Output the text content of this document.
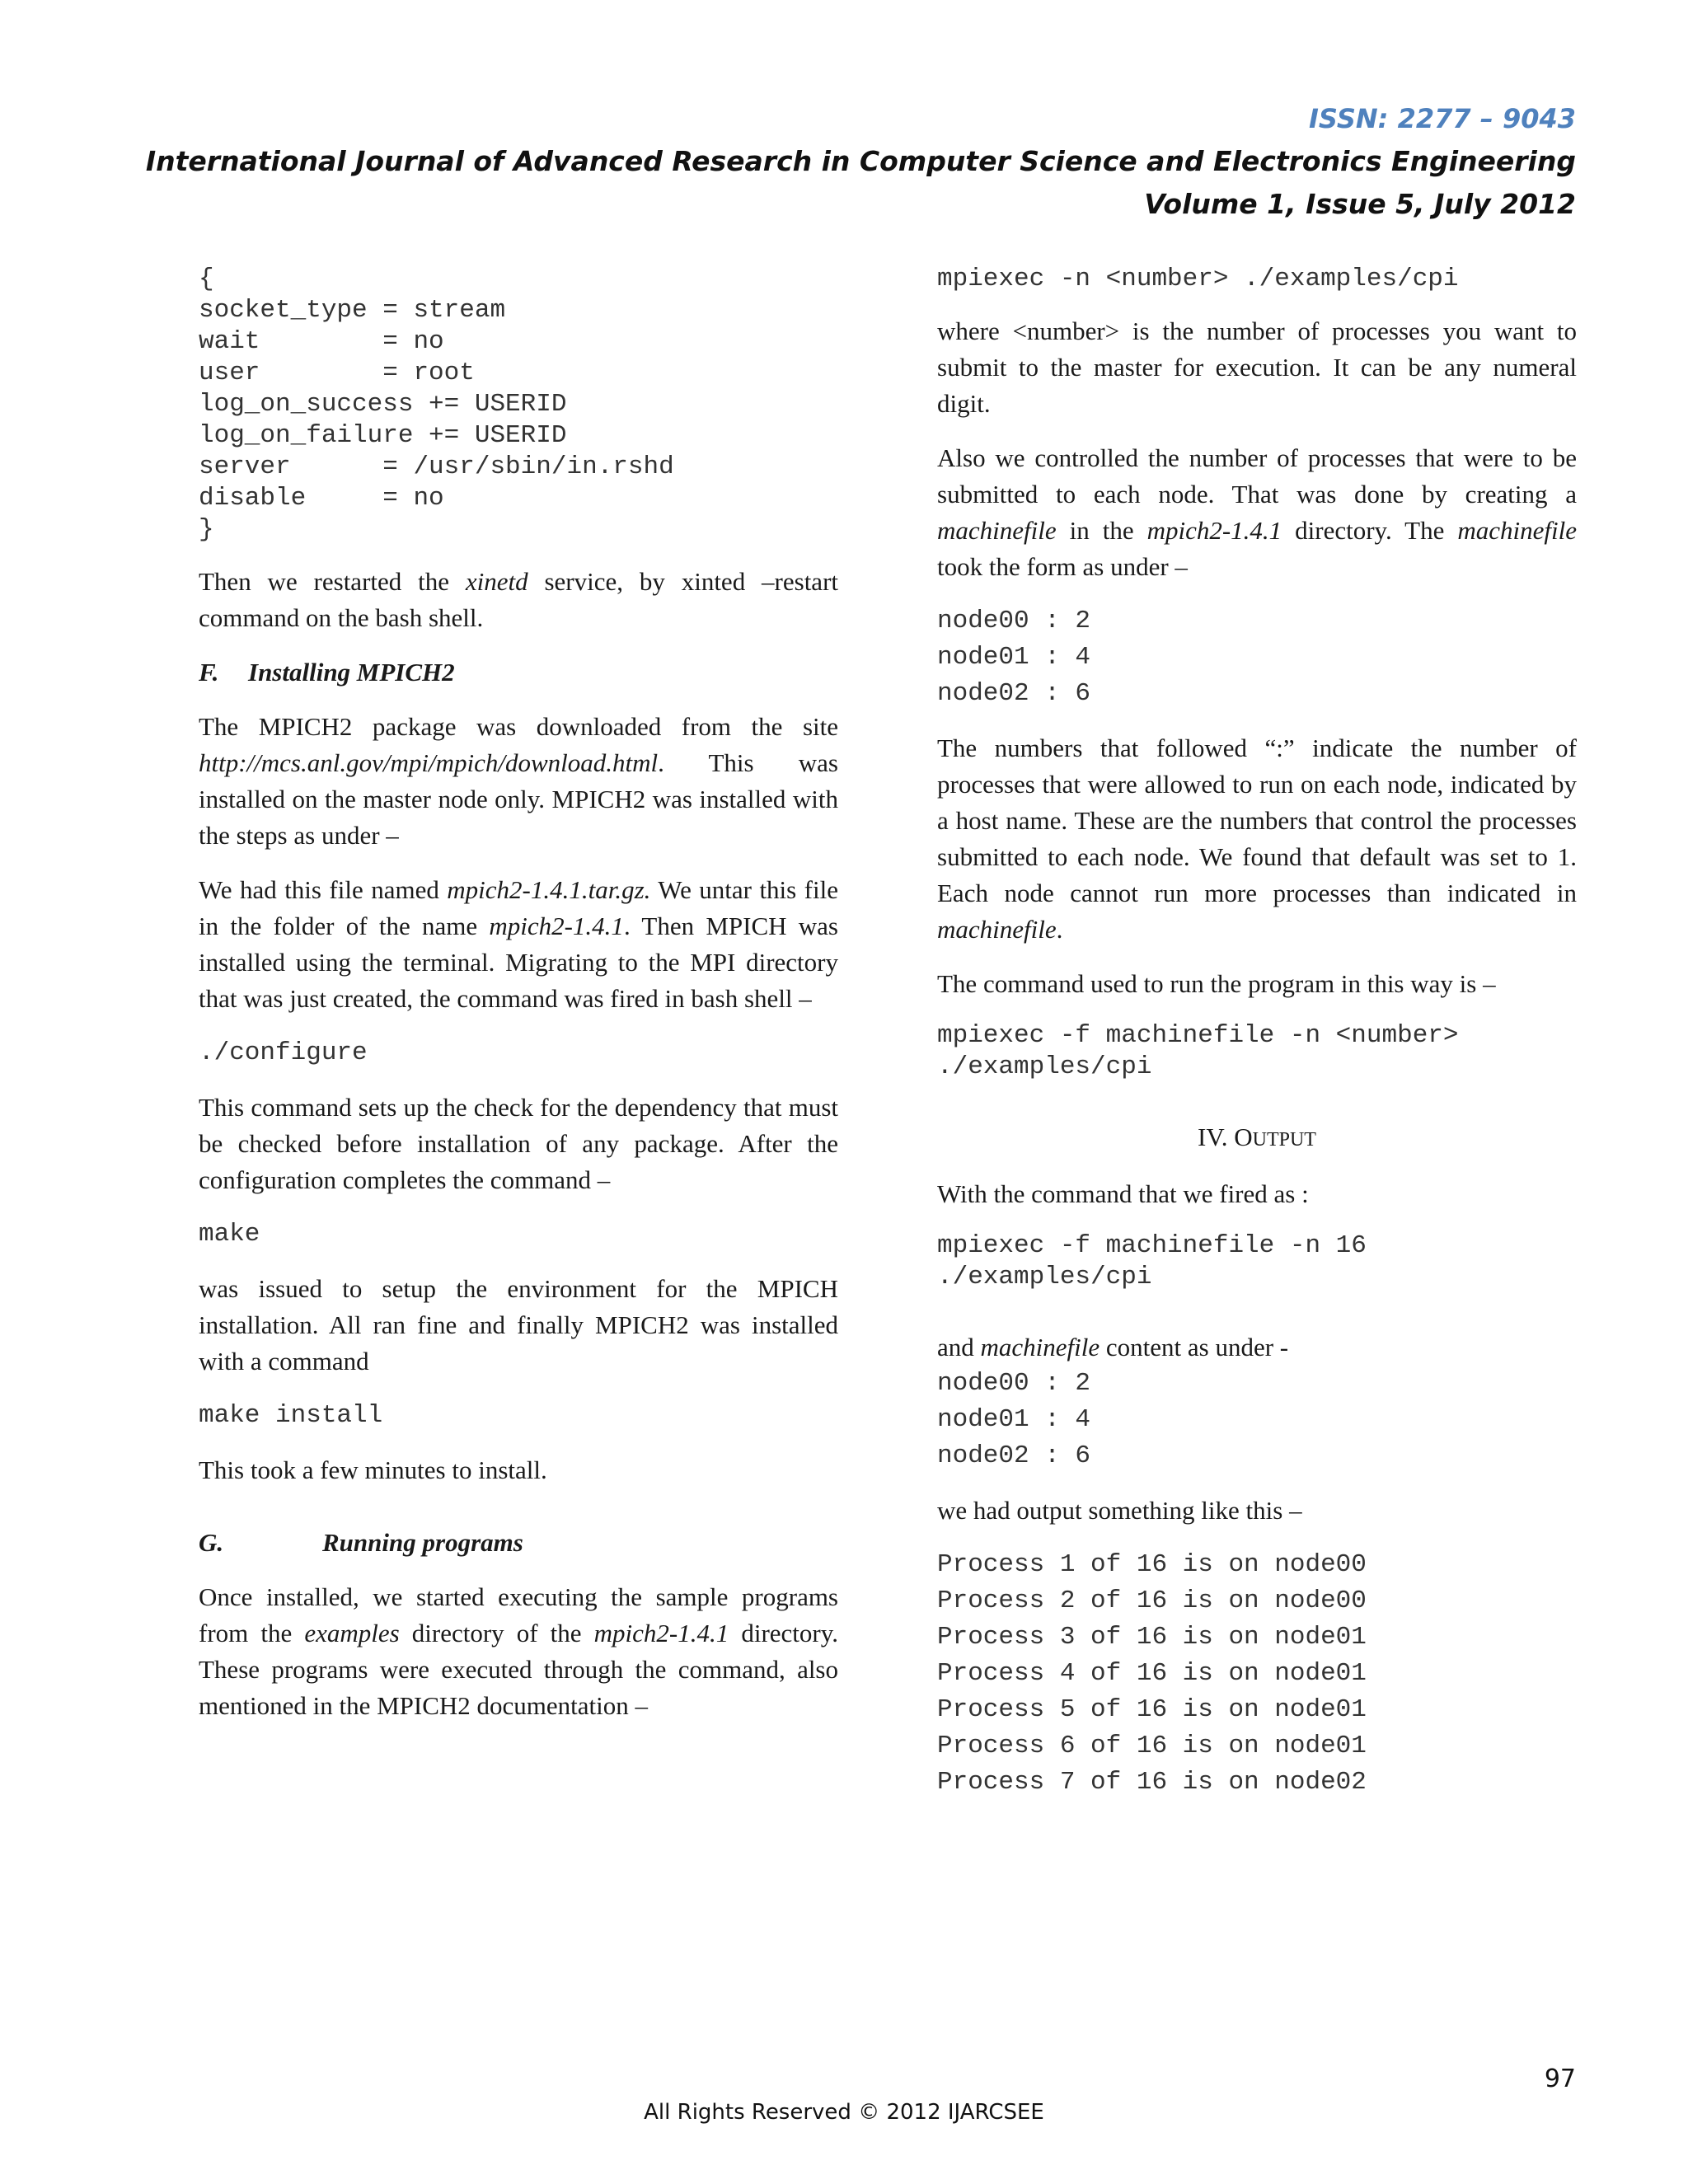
ISSN: 2277 – 9043
International Journal of Advanced Research in Computer Science and Electronics Engineering
Volume 1, Issue 5, July 2012
{
socket_type = stream
wait        = no
user        = root
log_on_success += USERID
log_on_failure += USERID
server      = /usr/sbin/in.rshd
disable     = no
}

Then we restarted the xinetd service, by xinted –restart command on the bash shell.

F. Installing MPICH2

The MPICH2 package was downloaded from the site http://mcs.anl.gov/mpi/mpich/download.html. This was installed on the master node only. MPICH2 was installed with the steps as under –

We had this file named mpich2-1.4.1.tar.gz. We untar this file in the folder of the name mpich2-1.4.1. Then MPICH was installed using the terminal. Migrating to the MPI directory that was just created, the command was fired in bash shell –

./configure

This command sets up the check for the dependency that must be checked before installation of any package. After the configuration completes the command –

make

was issued to setup the environment for the MPICH installation. All ran fine and finally MPICH2 was installed with a command

make install

This took a few minutes to install.

G.	Running programs

Once installed, we started executing the sample programs from the examples directory of the mpich2-1.4.1 directory. These programs were executed through the command, also mentioned in the MPICH2 documentation –

mpiexec -n <number> ./examples/cpi

where <number> is the number of processes you want to submit to the master for execution. It can be any numeral digit.

Also we controlled the number of processes that were to be submitted to each node. That was done by creating a machinefile in the mpich2-1.4.1 directory. The machinefile took the form as under –

node00 : 2
node01 : 4
node02 : 6

The numbers that followed “:” indicate the number of processes that were allowed to run on each node, indicated by a host name. These are the numbers that control the processes submitted to each node. We found that default was set to 1. Each node cannot run more processes than indicated in machinefile.

The command used to run the program in this way is –

mpiexec -f machinefile -n <number>
./examples/cpi

IV. OUTPUT

With the command that we fired as :

mpiexec -f machinefile -n 16
./examples/cpi

and machinefile content as under -

node00 : 2
node01 : 4
node02 : 6

we had output something like this –

Process 1 of 16 is on node00
Process 2 of 16 is on node00
Process 3 of 16 is on node01
Process 4 of 16 is on node01
Process 5 of 16 is on node01
Process 6 of 16 is on node01
Process 7 of 16 is on node02
97
All Rights Reserved © 2012 IJARCSEE
